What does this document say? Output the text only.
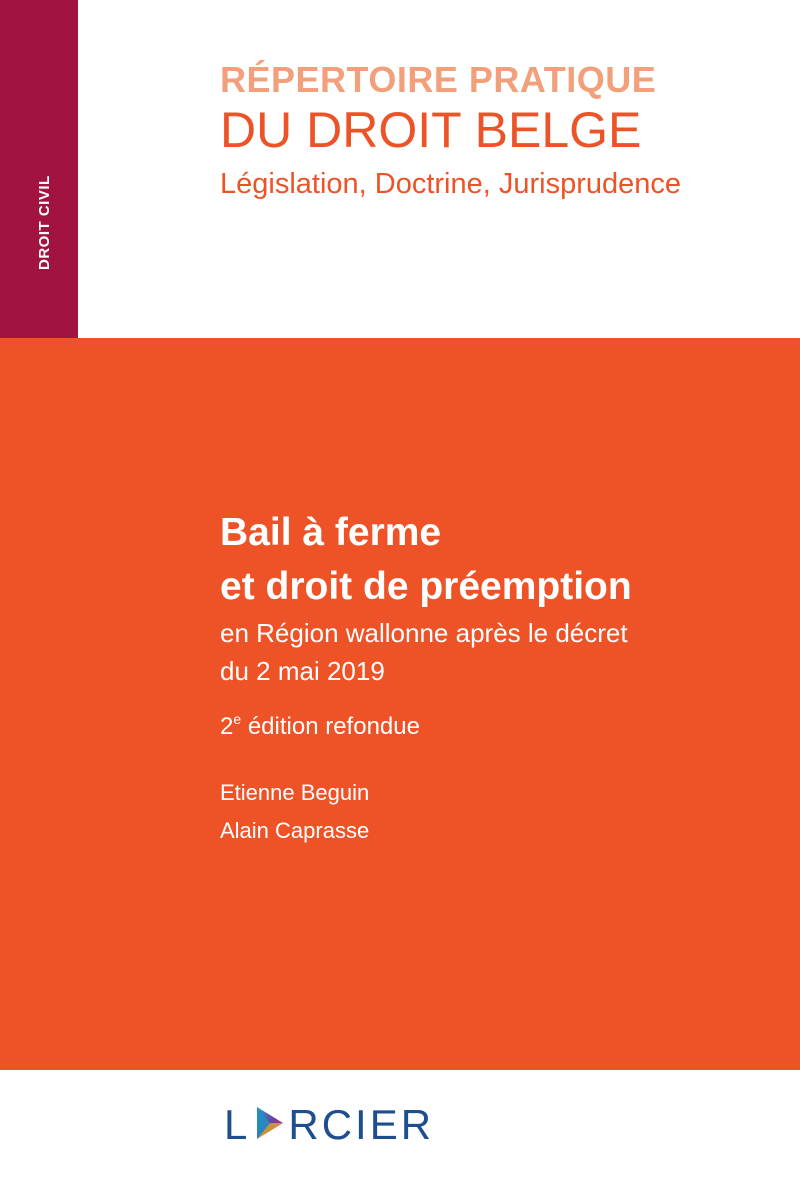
DROIT CIVIL
RÉPERTOIRE PRATIQUE
DU DROIT BELGE
Législation, Doctrine, Jurisprudence
Bail à ferme
et droit de préemption
en Région wallonne après le décret
du 2 mai 2019
2e édition refondue
Etienne Beguin
Alain Caprasse
L RCIER
